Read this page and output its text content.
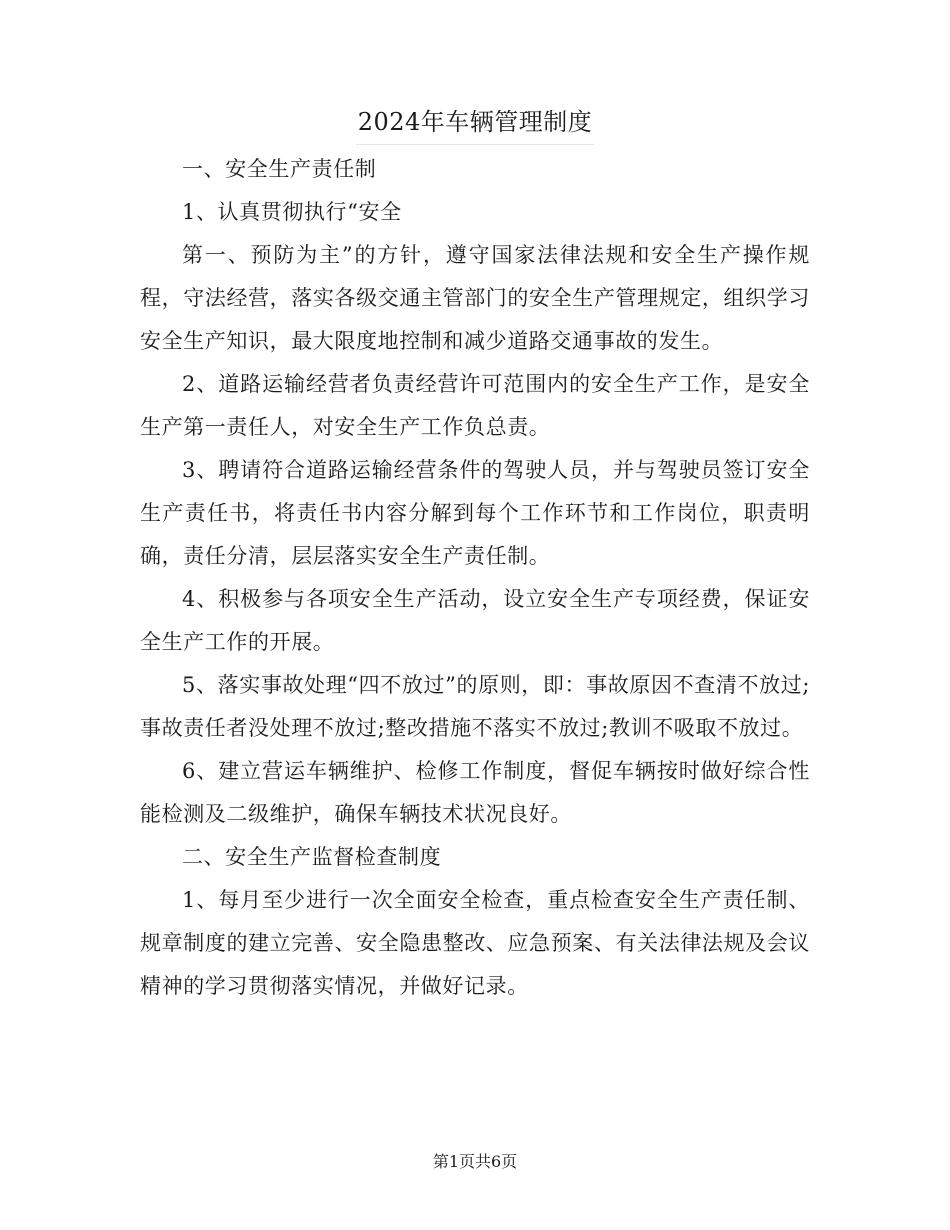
2024年车辆管理制度

一、安全生产责任制

1、认真贯彻执行“安全

第一、预防为主”的方针，遵守国家法律法规和安全生产操作规程，守法经营，落实各级交通主管部门的安全生产管理规定，组织学习安全生产知识，最大限度地控制和减少道路交通事故的发生。

2、道路运输经营者负责经营许可范围内的安全生产工作，是安全生产第一责任人，对安全生产工作负总责。

3、聘请符合道路运输经营条件的驾驶人员，并与驾驶员签订安全生产责任书，将责任书内容分解到每个工作环节和工作岗位，职责明确，责任分清，层层落实安全生产责任制。

4、积极参与各项安全生产活动，设立安全生产专项经费，保证安全生产工作的开展。

5、落实事故处理“四不放过”的原则，即：事故原因不查清不放过;事故责任者没处理不放过;整改措施不落实不放过;教训不吸取不放过。

6、建立营运车辆维护、检修工作制度，督促车辆按时做好综合性能检测及二级维护，确保车辆技术状况良好。

二、安全生产监督检查制度

1、每月至少进行一次全面安全检查，重点检查安全生产责任制、规章制度的建立完善、安全隐患整改、应急预案、有关法律法规及会议精神的学习贯彻落实情况，并做好记录。

第1页共6页
